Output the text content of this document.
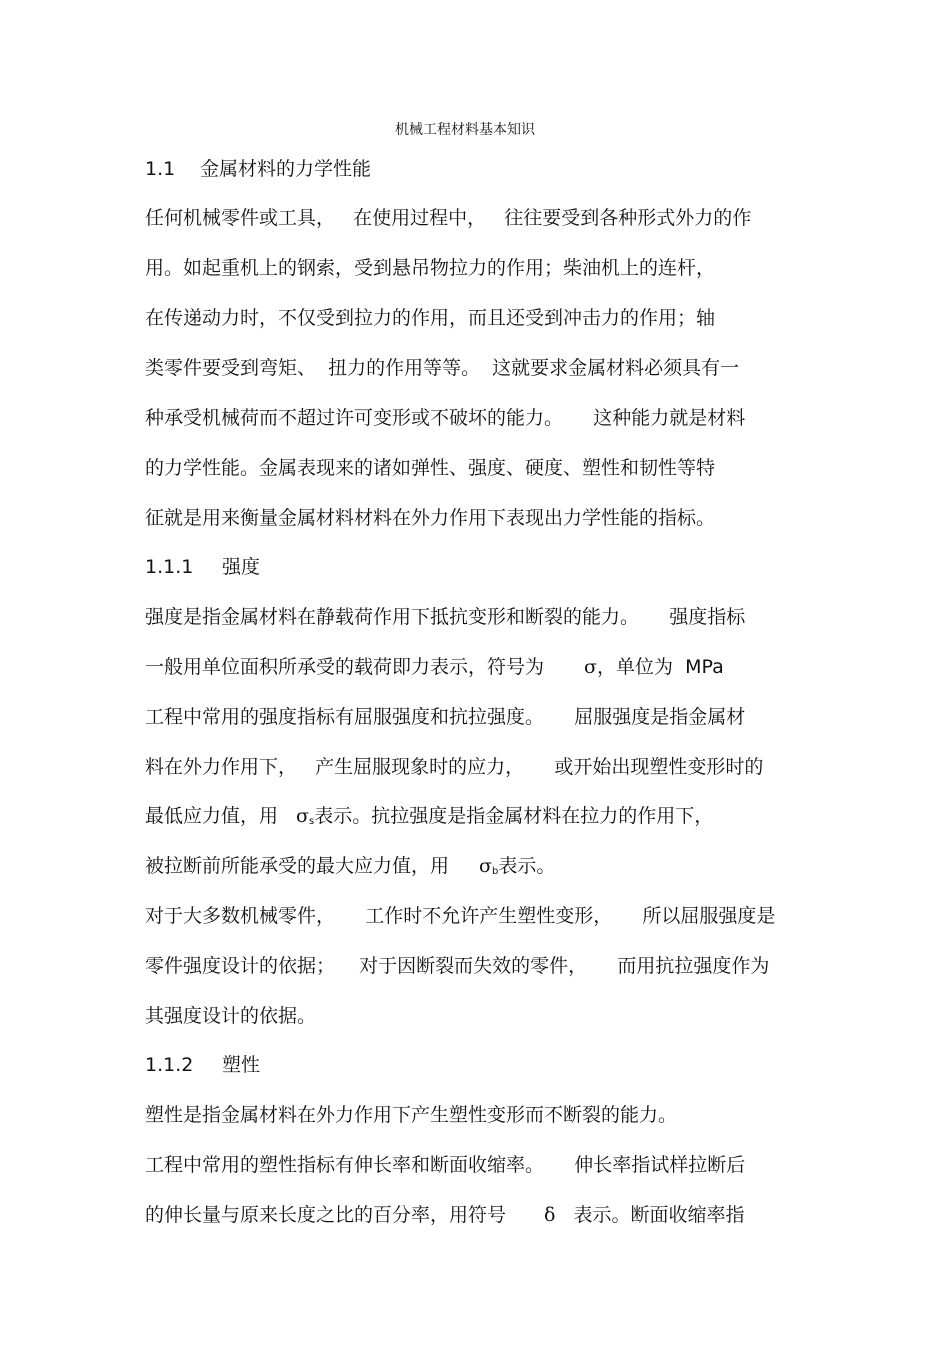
机械工程材料基本知识
1.1 金属材料的力学性能
任何机械零件或工具，   在使用过程中，   往往要受到各种形式外力的作
用。如起重机上的钢索，受到悬吊物拉力的作用；柴油机上的连杆，
在传递动力时，不仅受到拉力的作用，而且还受到冲击力的作用；轴
类零件要受到弯矩、  扭力的作用等等。  这就要求金属材料必须具有一
种承受机械荷而不超过许可变形或不破坏的能力。     这种能力就是材料
的力学性能。金属表现来的诸如弹性、强度、硬度、塑性和韧性等特
征就是用来衡量金属材料材料在外力作用下表现出力学性能的指标。
1.1.1 强度
强度是指金属材料在静载荷作用下抵抗变形和断裂的能力。     强度指标
一般用单位面积所承受的载荷即力表示，符号为 σ，单位为  MPa
工程中常用的强度指标有屈服强度和抗拉强度。     屈服强度是指金属材
料在外力作用下，   产生屈服现象时的应力，     或开始出现塑性变形时的
最低应力值，用 $\sigma_s$表示。抗拉强度是指金属材料在拉力的作用下，
被拉断前所能承受的最大应力值，用 $\sigma_b$表示。
对于大多数机械零件，     工作时不允许产生塑性变形，     所以屈服强度是
零件强度设计的依据；    对于因断裂而失效的零件，     而用抗拉强度作为
其强度设计的依据。
1.1.2 塑性
塑性是指金属材料在外力作用下产生塑性变形而不断裂的能力。
工程中常用的塑性指标有伸长率和断面收缩率。     伸长率指试样拉断后
的伸长量与原来长度之比的百分率，用符号 δ 表示。断面收缩率指
